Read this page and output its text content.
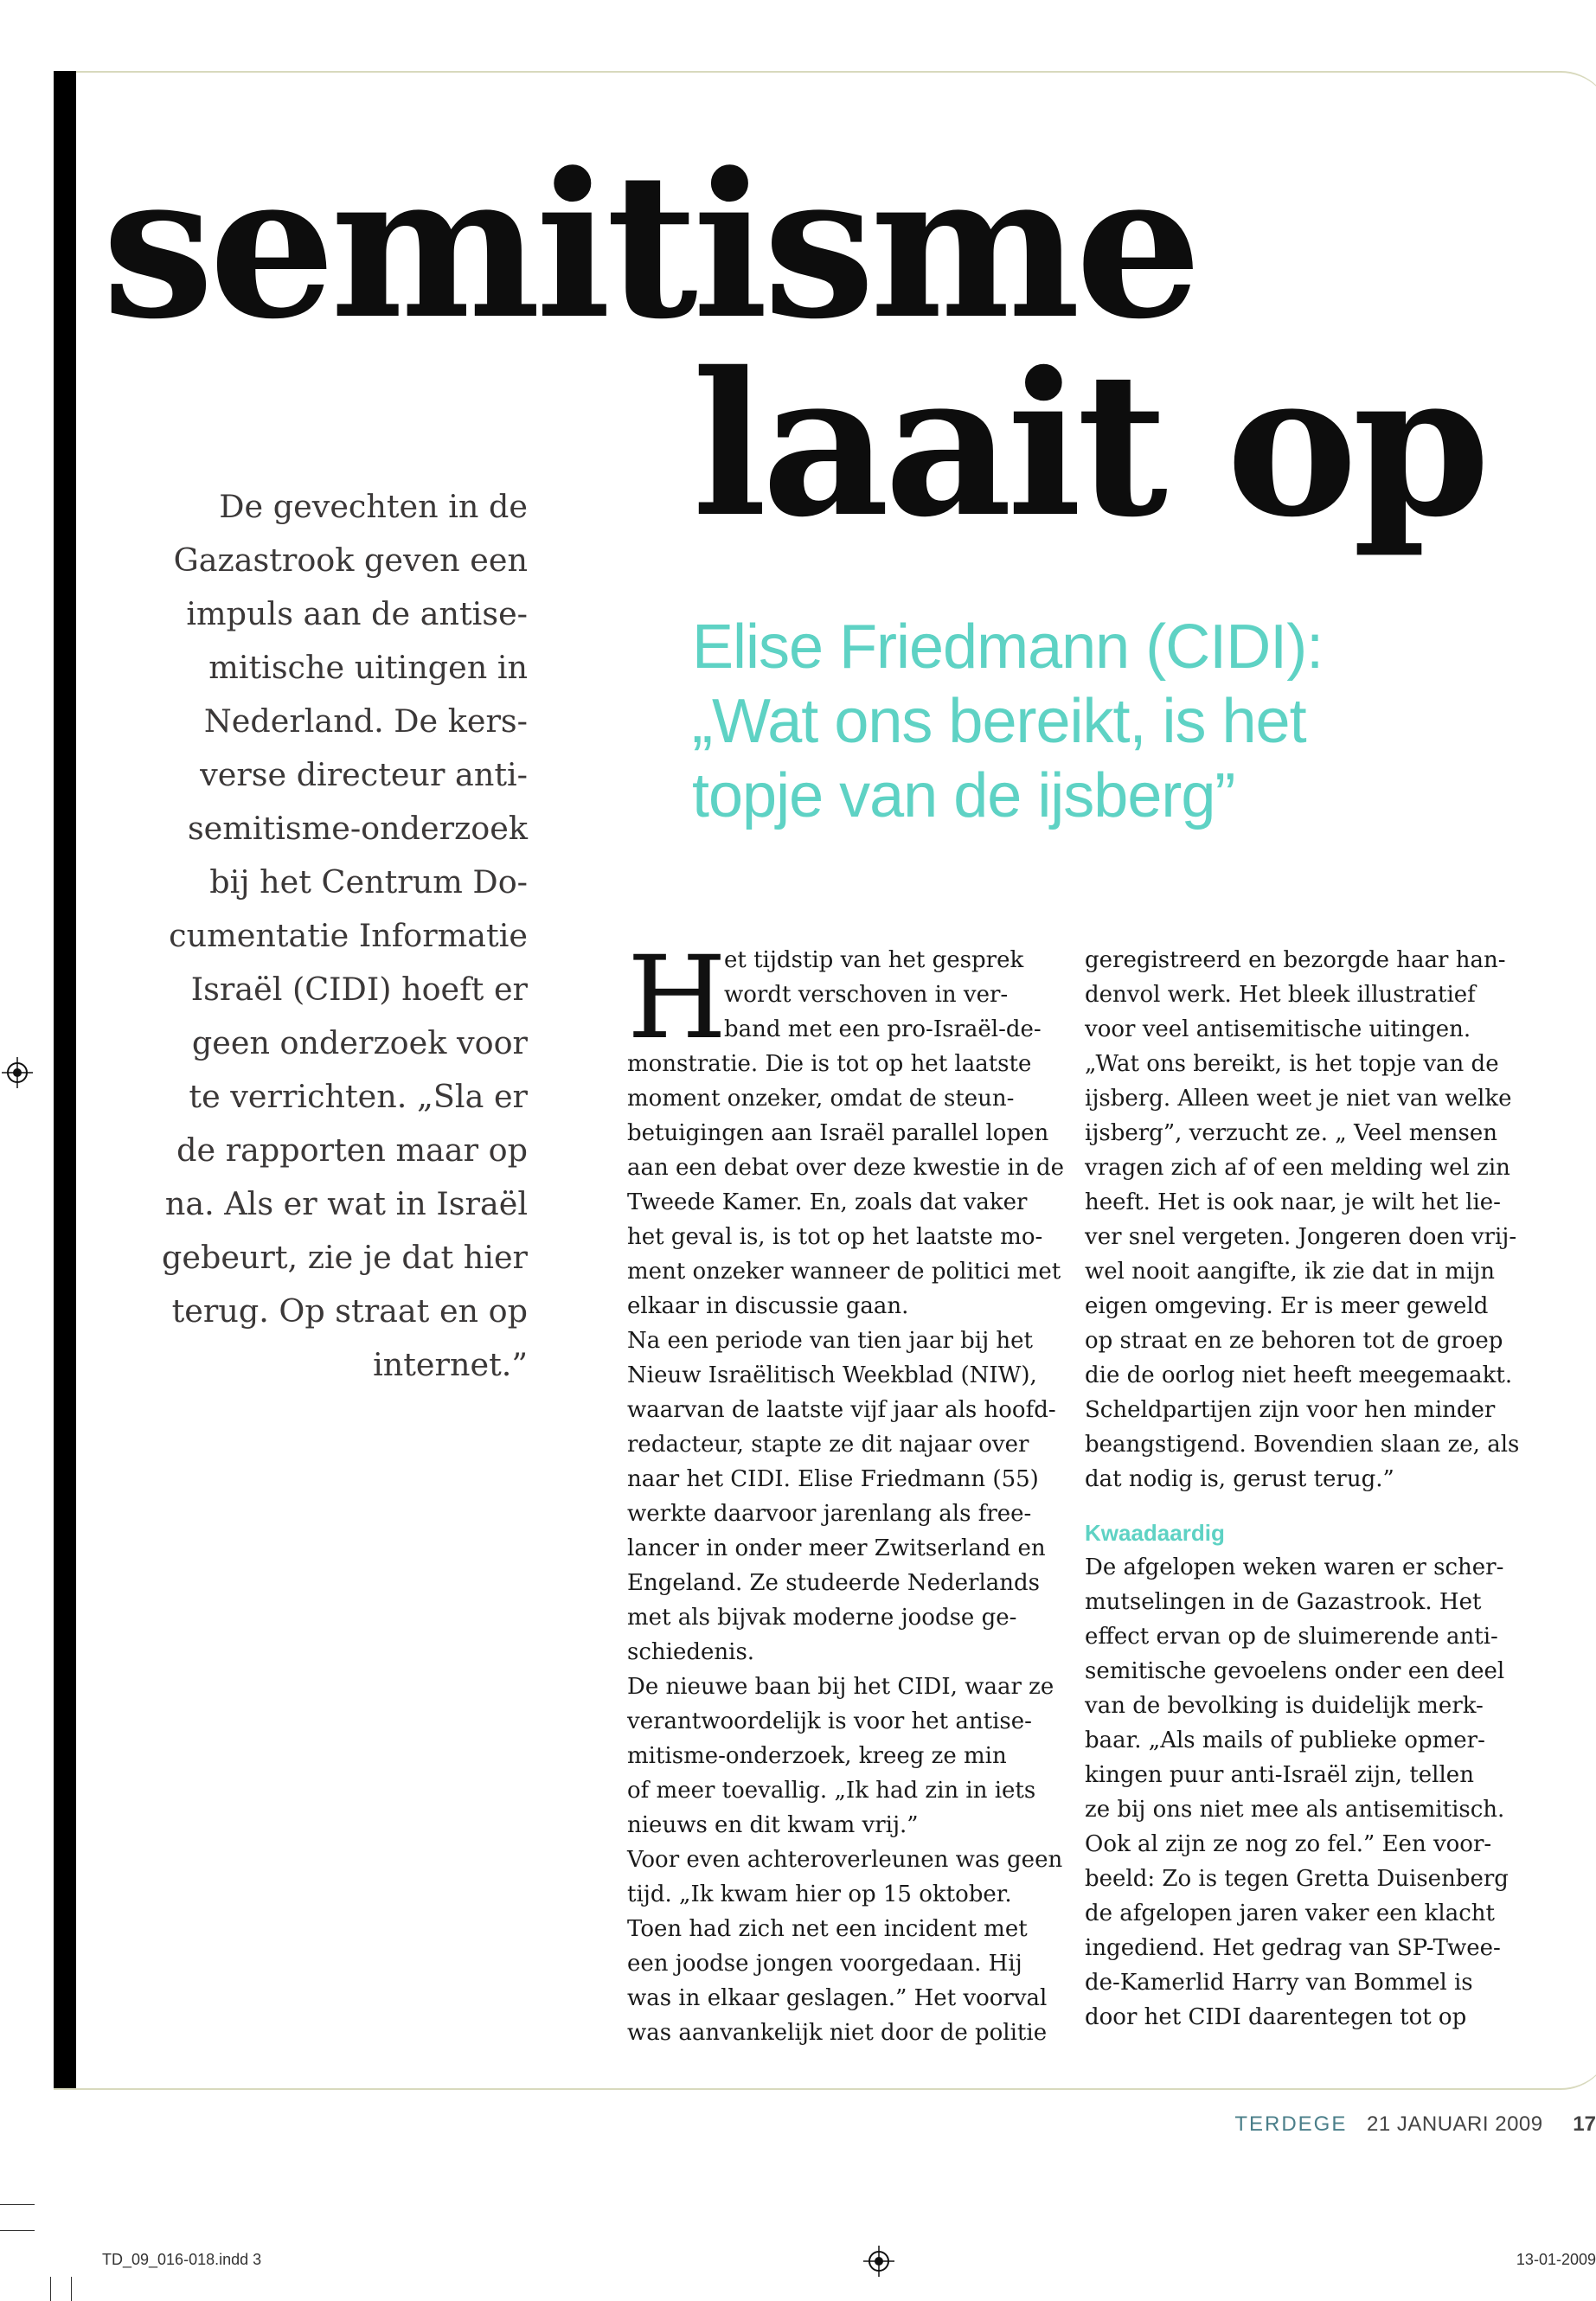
semitisme
laait op
De gevechten in de
Gazastrook geven een
impuls aan de antise-
mitische uitingen in
Nederland. De kers-
verse directeur anti-
semitisme-onderzoek
bij het Centrum Do-
cumentatie Informatie
Israël (CIDI) hoeft er
geen onderzoek voor
te verrichten. „Sla er
de rapporten maar op
na. Als er wat in Israël
gebeurt, zie je dat hier
terug. Op straat en op
internet.”
Elise Friedmann (CIDI):
„Wat ons bereikt, is het
topje van de ijsberg”
H
et tijdstip van het gesprek
wordt verschoven in ver-
band met een pro-Israël-de-
monstratie. Die is tot op het laatste
moment onzeker, omdat de steun-
betuigingen aan Israël parallel lopen
aan een debat over deze kwestie in de
Tweede Kamer. En, zoals dat vaker
het geval is, is tot op het laatste mo-
ment onzeker wanneer de politici met
elkaar in discussie gaan.
Na een periode van tien jaar bij het
Nieuw Israëlitisch Weekblad (NIW),
waarvan de laatste vijf jaar als hoofd-
redacteur, stapte ze dit najaar over
naar het CIDI. Elise Friedmann (55)
werkte daarvoor jarenlang als free-
lancer in onder meer Zwitserland en
Engeland. Ze studeerde Nederlands
met als bijvak moderne joodse ge-
schiedenis.
De nieuwe baan bij het CIDI, waar ze
verantwoordelijk is voor het antise-
mitisme-onderzoek, kreeg ze min
of meer toevallig. „Ik had zin in iets
nieuws en dit kwam vrij.”
Voor even achteroverleunen was geen
tijd. „Ik kwam hier op 15 oktober.
Toen had zich net een incident met
een joodse jongen voorgedaan. Hij
was in elkaar geslagen.” Het voorval
was aanvankelijk niet door de politie
geregistreerd en bezorgde haar han-
denvol werk. Het bleek illustratief
voor veel antisemitische uitingen.
„Wat ons bereikt, is het topje van de
ijsberg. Alleen weet je niet van welke
ijsberg”, verzucht ze. „ Veel mensen
vragen zich af of een melding wel zin
heeft. Het is ook naar, je wilt het lie-
ver snel vergeten. Jongeren doen vrij-
wel nooit aangifte, ik zie dat in mijn
eigen omgeving. Er is meer geweld
op straat en ze behoren tot de groep
die de oorlog niet heeft meegemaakt.
Scheldpartijen zijn voor hen minder
beangstigend. Bovendien slaan ze, als
dat nodig is, gerust terug.”
Kwaadaardig
De afgelopen weken waren er scher-
mutselingen in de Gazastrook. Het
effect ervan op de sluimerende anti-
semitische gevoelens onder een deel
van de bevolking is duidelijk merk-
baar. „Als mails of publieke opmer-
kingen puur anti-Israël zijn, tellen
ze bij ons niet mee als antisemitisch.
Ook al zijn ze nog zo fel.” Een voor-
beeld: Zo is tegen Gretta Duisenberg
de afgelopen jaren vaker een klacht
ingediend. Het gedrag van SP-Twee-
de-Kamerlid Harry van Bommel is
door het CIDI daarentegen tot op
TERDEGE 21 JANUARI 2009 17
TD_09_016-018.indd 3	13-01-2009
